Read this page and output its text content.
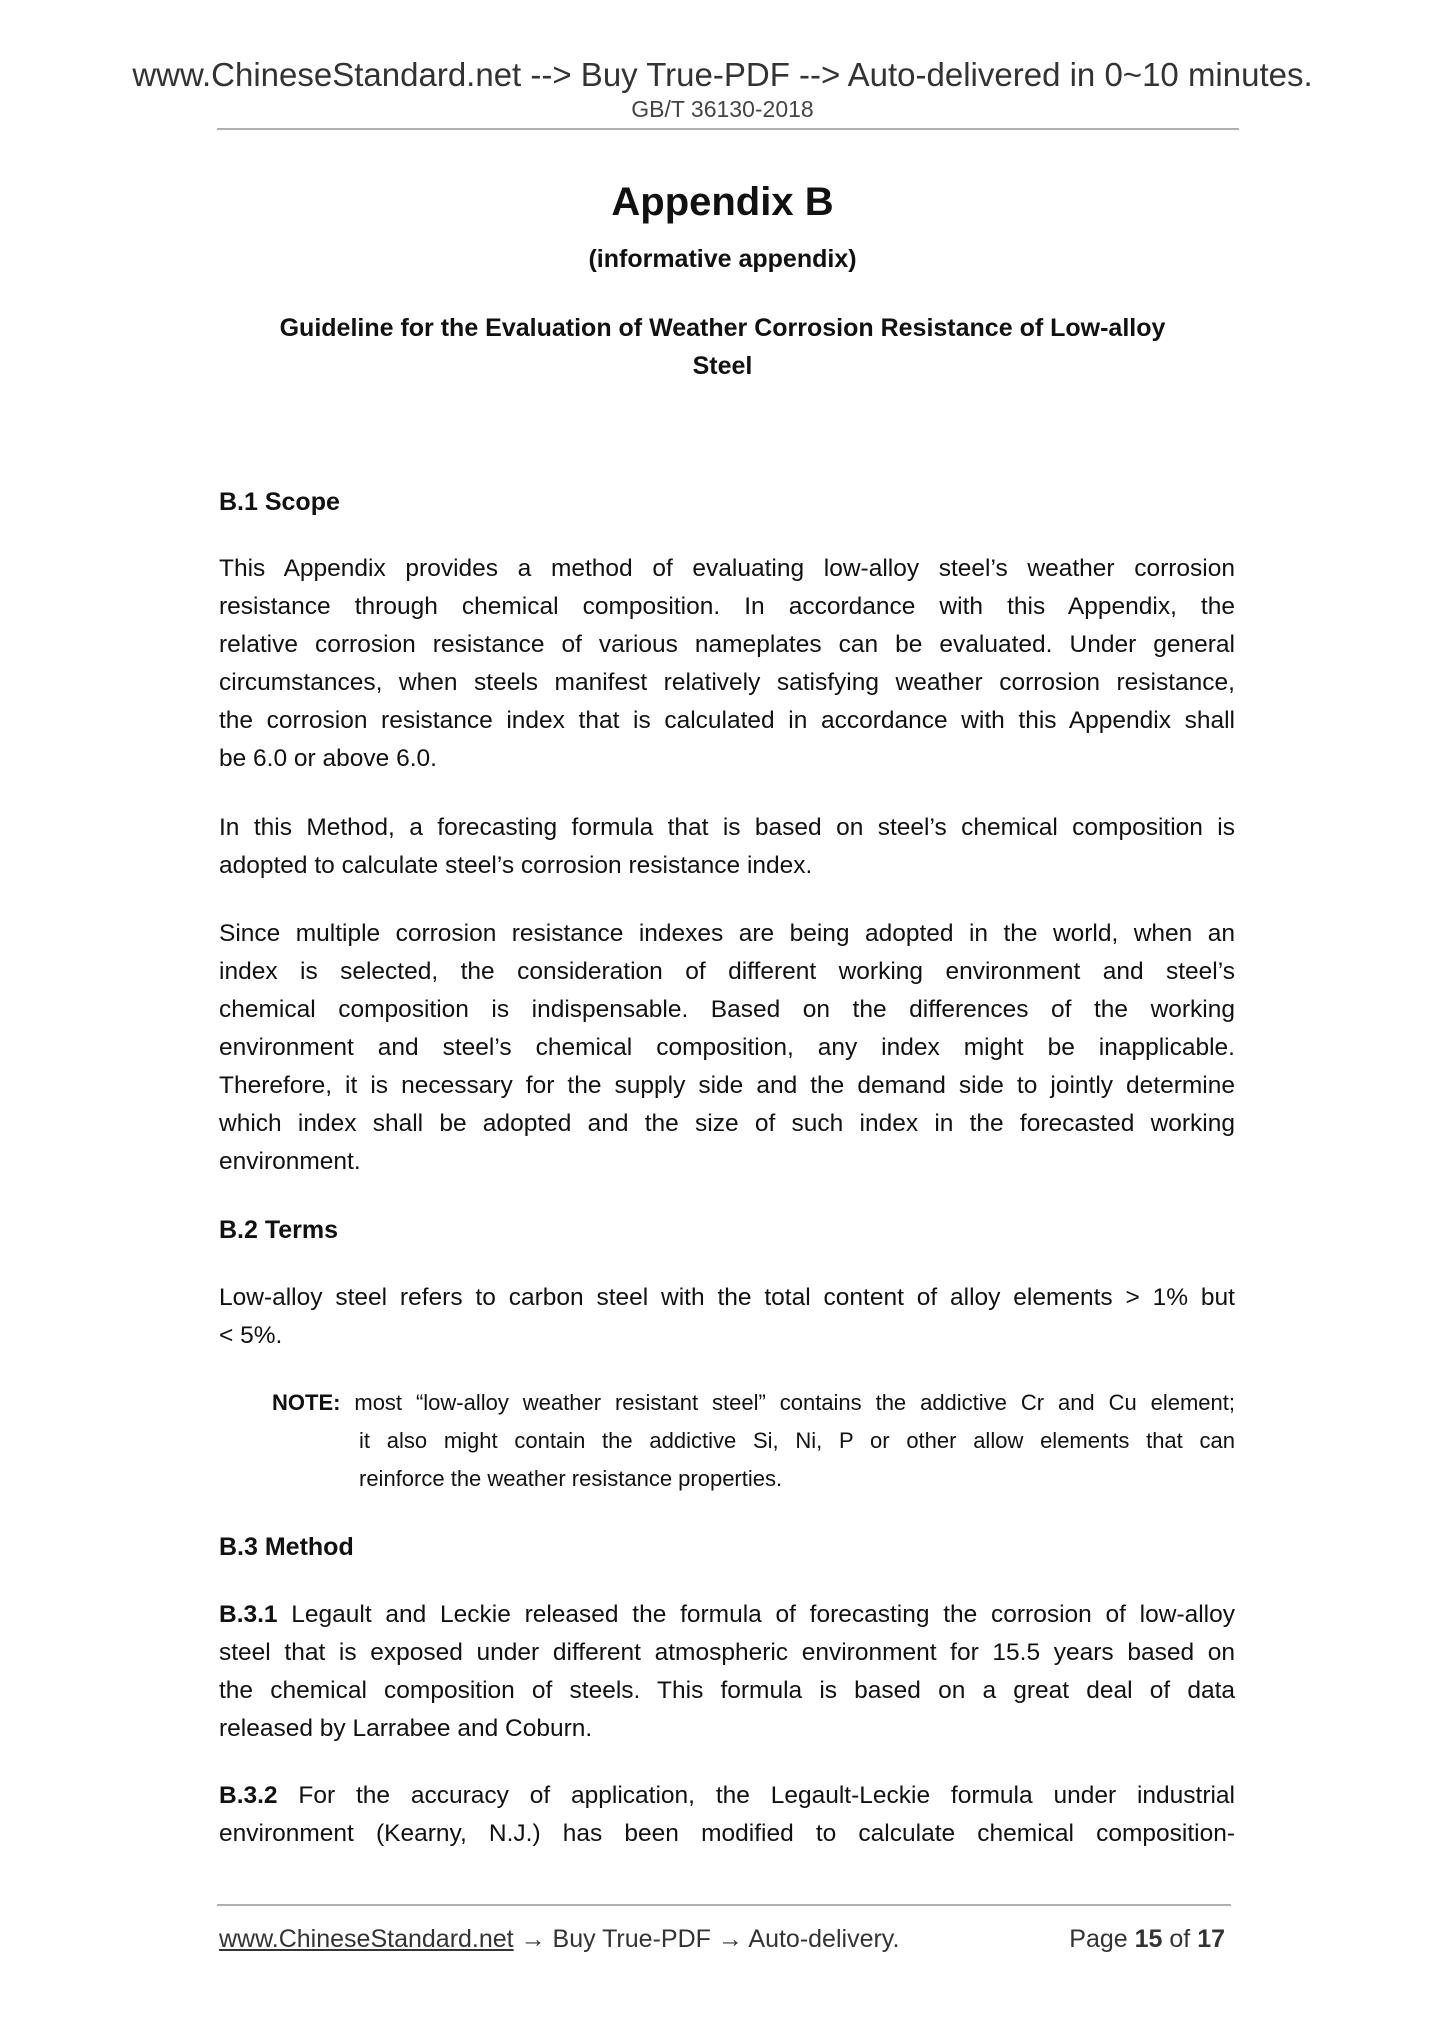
www.ChineseStandard.net --> Buy True-PDF --> Auto-delivered in 0~10 minutes.
GB/T 36130-2018
Appendix B
(informative appendix)
Guideline for the Evaluation of Weather Corrosion Resistance of Low-alloy
Steel
B.1 Scope
This Appendix provides a method of evaluating low-alloy steel’s weather corrosion
resistance through chemical composition. In accordance with this Appendix, the
relative corrosion resistance of various nameplates can be evaluated. Under general
circumstances, when steels manifest relatively satisfying weather corrosion resistance,
the corrosion resistance index that is calculated in accordance with this Appendix shall
be 6.0 or above 6.0.
In this Method, a forecasting formula that is based on steel’s chemical composition is
adopted to calculate steel’s corrosion resistance index.
Since multiple corrosion resistance indexes are being adopted in the world, when an
index is selected, the consideration of different working environment and steel’s
chemical composition is indispensable. Based on the differences of the working
environment and steel’s chemical composition, any index might be inapplicable.
Therefore, it is necessary for the supply side and the demand side to jointly determine
which index shall be adopted and the size of such index in the forecasted working
environment.
B.2 Terms
Low-alloy steel refers to carbon steel with the total content of alloy elements > 1% but
< 5%.
NOTE: most “low-alloy weather resistant steel” contains the addictive Cr and Cu element;
it also might contain the addictive Si, Ni, P or other allow elements that can
reinforce the weather resistance properties.
B.3 Method
B.3.1 Legault and Leckie released the formula of forecasting the corrosion of low-alloy
steel that is exposed under different atmospheric environment for 15.5 years based on
the chemical composition of steels. This formula is based on a great deal of data
released by Larrabee and Coburn.
B.3.2 For the accuracy of application, the Legault-Leckie formula under industrial
environment (Kearny, N.J.) has been modified to calculate chemical composition-
www.ChineseStandard.net → Buy True-PDF → Auto-delivery.	Page 15 of 17
